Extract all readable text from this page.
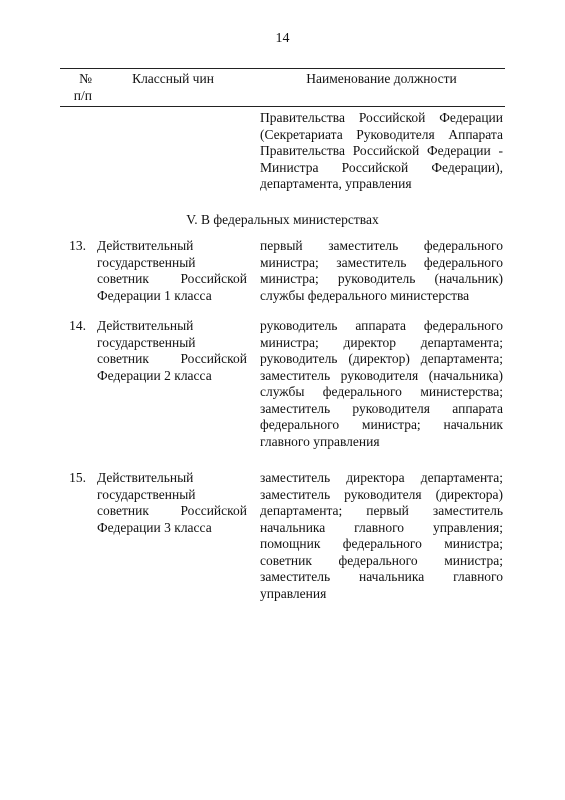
14
№
п/п
Классный чин	Наименование должности
Правительства Российской Федерации (Секретариата Руководителя Аппарата Правительства Российской Федерации - Министра Российской Федерации), департамента, управления
V. В федеральных министерствах
13. Действительный государственный советник Российской Федерации 1 класса
первый заместитель федерального министра; заместитель федерального министра; руководитель (начальник) службы федерального министерства
14. Действительный государственный советник Российской Федерации 2 класса
руководитель аппарата федерального министра; директор департамента; руководитель (директор) департамента; заместитель руководителя (начальника) службы федерального министерства; заместитель руководителя аппарата федерального министра; начальник главного управления
15. Действительный государственный советник Российской Федерации 3 класса
заместитель директора департамента; заместитель руководителя (директора) департамента; первый заместитель начальника главного управления; помощник федерального министра; советник федерального министра; заместитель начальника главного управления
